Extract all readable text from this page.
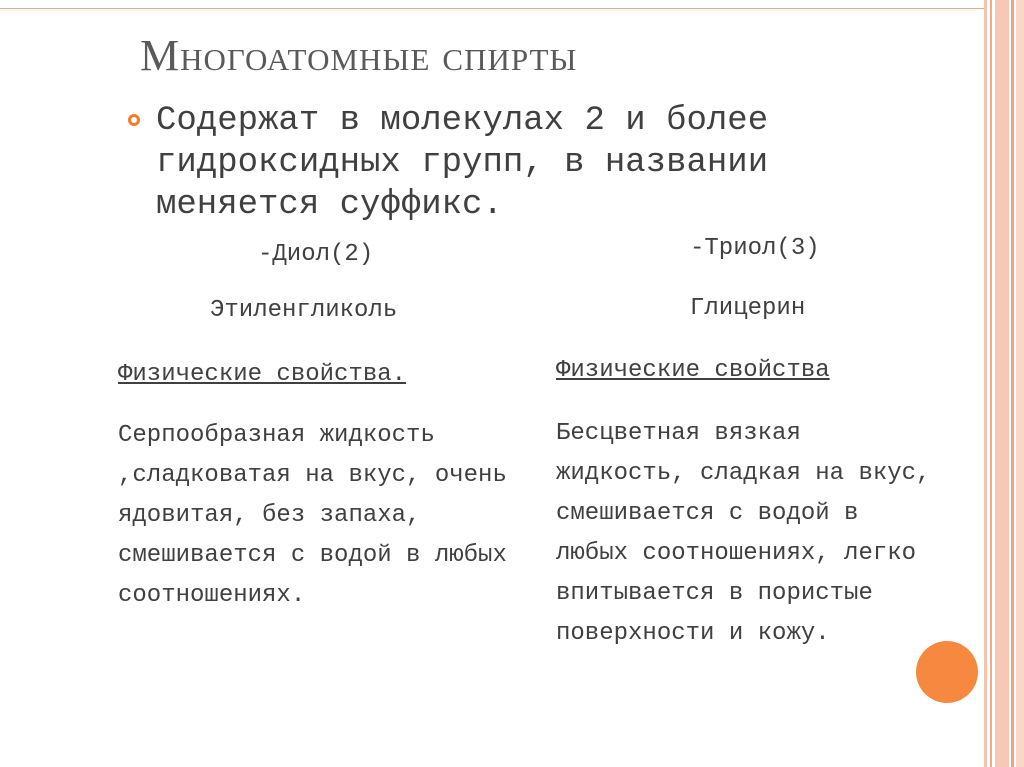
Многоатомные спирты
Содержат в молекулах 2 и более гидроксидных групп, в названии меняется суффикс.
-Диол(2)
Этиленгликоль
Физические свойства.
Серпообразная жидкость ,сладковатая на вкус, очень ядовитая, без запаха, смешивается с водой в любых соотношениях.
-Триол(3)
Глицерин
Физические свойства
Бесцветная вязкая жидкость, сладкая на вкус, смешивается с водой в любых соотношениях, легко впитывается в пористые поверхности и кожу.
